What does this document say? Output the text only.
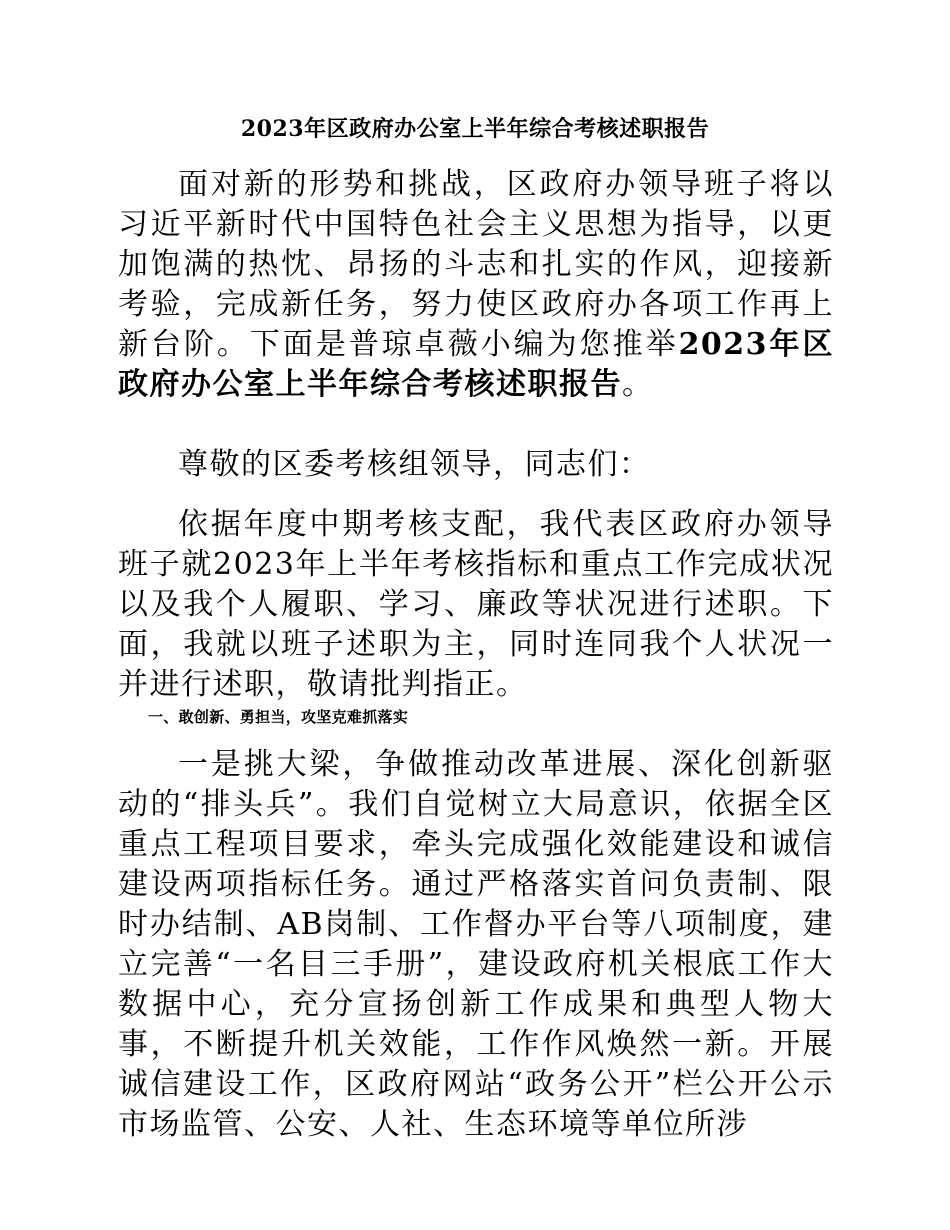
2023年区政府办公室上半年综合考核述职报告

面对新的形势和挑战，区政府办领导班子将以习近平新时代中国特色社会主义思想为指导，以更加饱满的热忱、昂扬的斗志和扎实的作风，迎接新考验，完成新任务，努力使区政府办各项工作再上新台阶。下面是普琼卓薇小编为您推举2023年区政府办公室上半年综合考核述职报告。

尊敬的区委考核组领导，同志们：

依据年度中期考核支配，我代表区政府办领导班子就2023年上半年考核指标和重点工作完成状况以及我个人履职、学习、廉政等状况进行述职。下面，我就以班子述职为主，同时连同我个人状况一并进行述职，敬请批判指正。

一、敢创新、勇担当，攻坚克难抓落实

一是挑大梁，争做推动改革进展、深化创新驱动的“排头兵”。我们自觉树立大局意识，依据全区重点工程项目要求，牵头完成强化效能建设和诚信建设两项指标任务。通过严格落实首问负责制、限时办结制、AB岗制、工作督办平台等八项制度，建立完善“一名目三手册”，建设政府机关根底工作大数据中心，充分宣扬创新工作成果和典型人物大事，不断提升机关效能，工作作风焕然一新。开展诚信建设工作，区政府网站“政务公开”栏公开公示市场监管、公安、人社、生态环境等单位所涉
